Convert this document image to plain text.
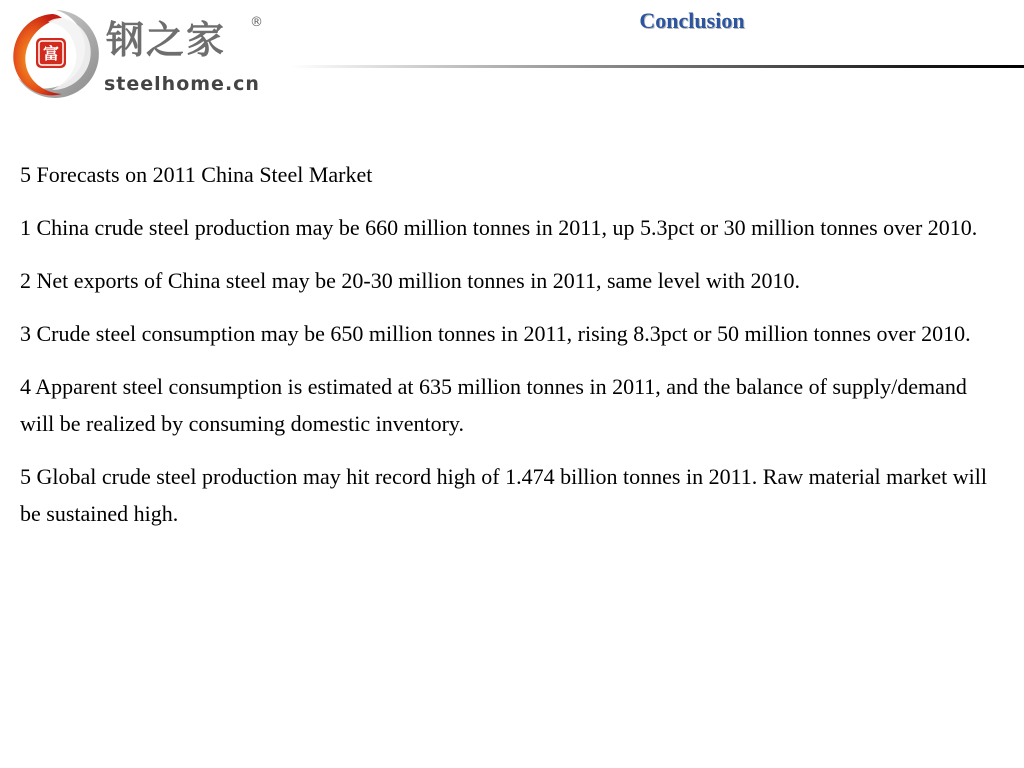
富 钢之家 ®
steelhome.cn
Conclusion

5 Forecasts on 2011 China Steel Market

1 China crude steel production may be 660 million tonnes in 2011, up 5.3pct or 30 million tonnes over 2010.

2 Net exports of China steel may be 20-30 million tonnes in 2011, same level with 2010.

3 Crude steel consumption may be 650 million tonnes in 2011, rising 8.3pct or 50 million tonnes over 2010.

4 Apparent steel consumption is estimated at 635 million tonnes in 2011, and the balance of supply/demand will be realized by consuming domestic inventory.

5 Global crude steel production may hit record high of 1.474 billion tonnes in 2011. Raw material market will be sustained high.
